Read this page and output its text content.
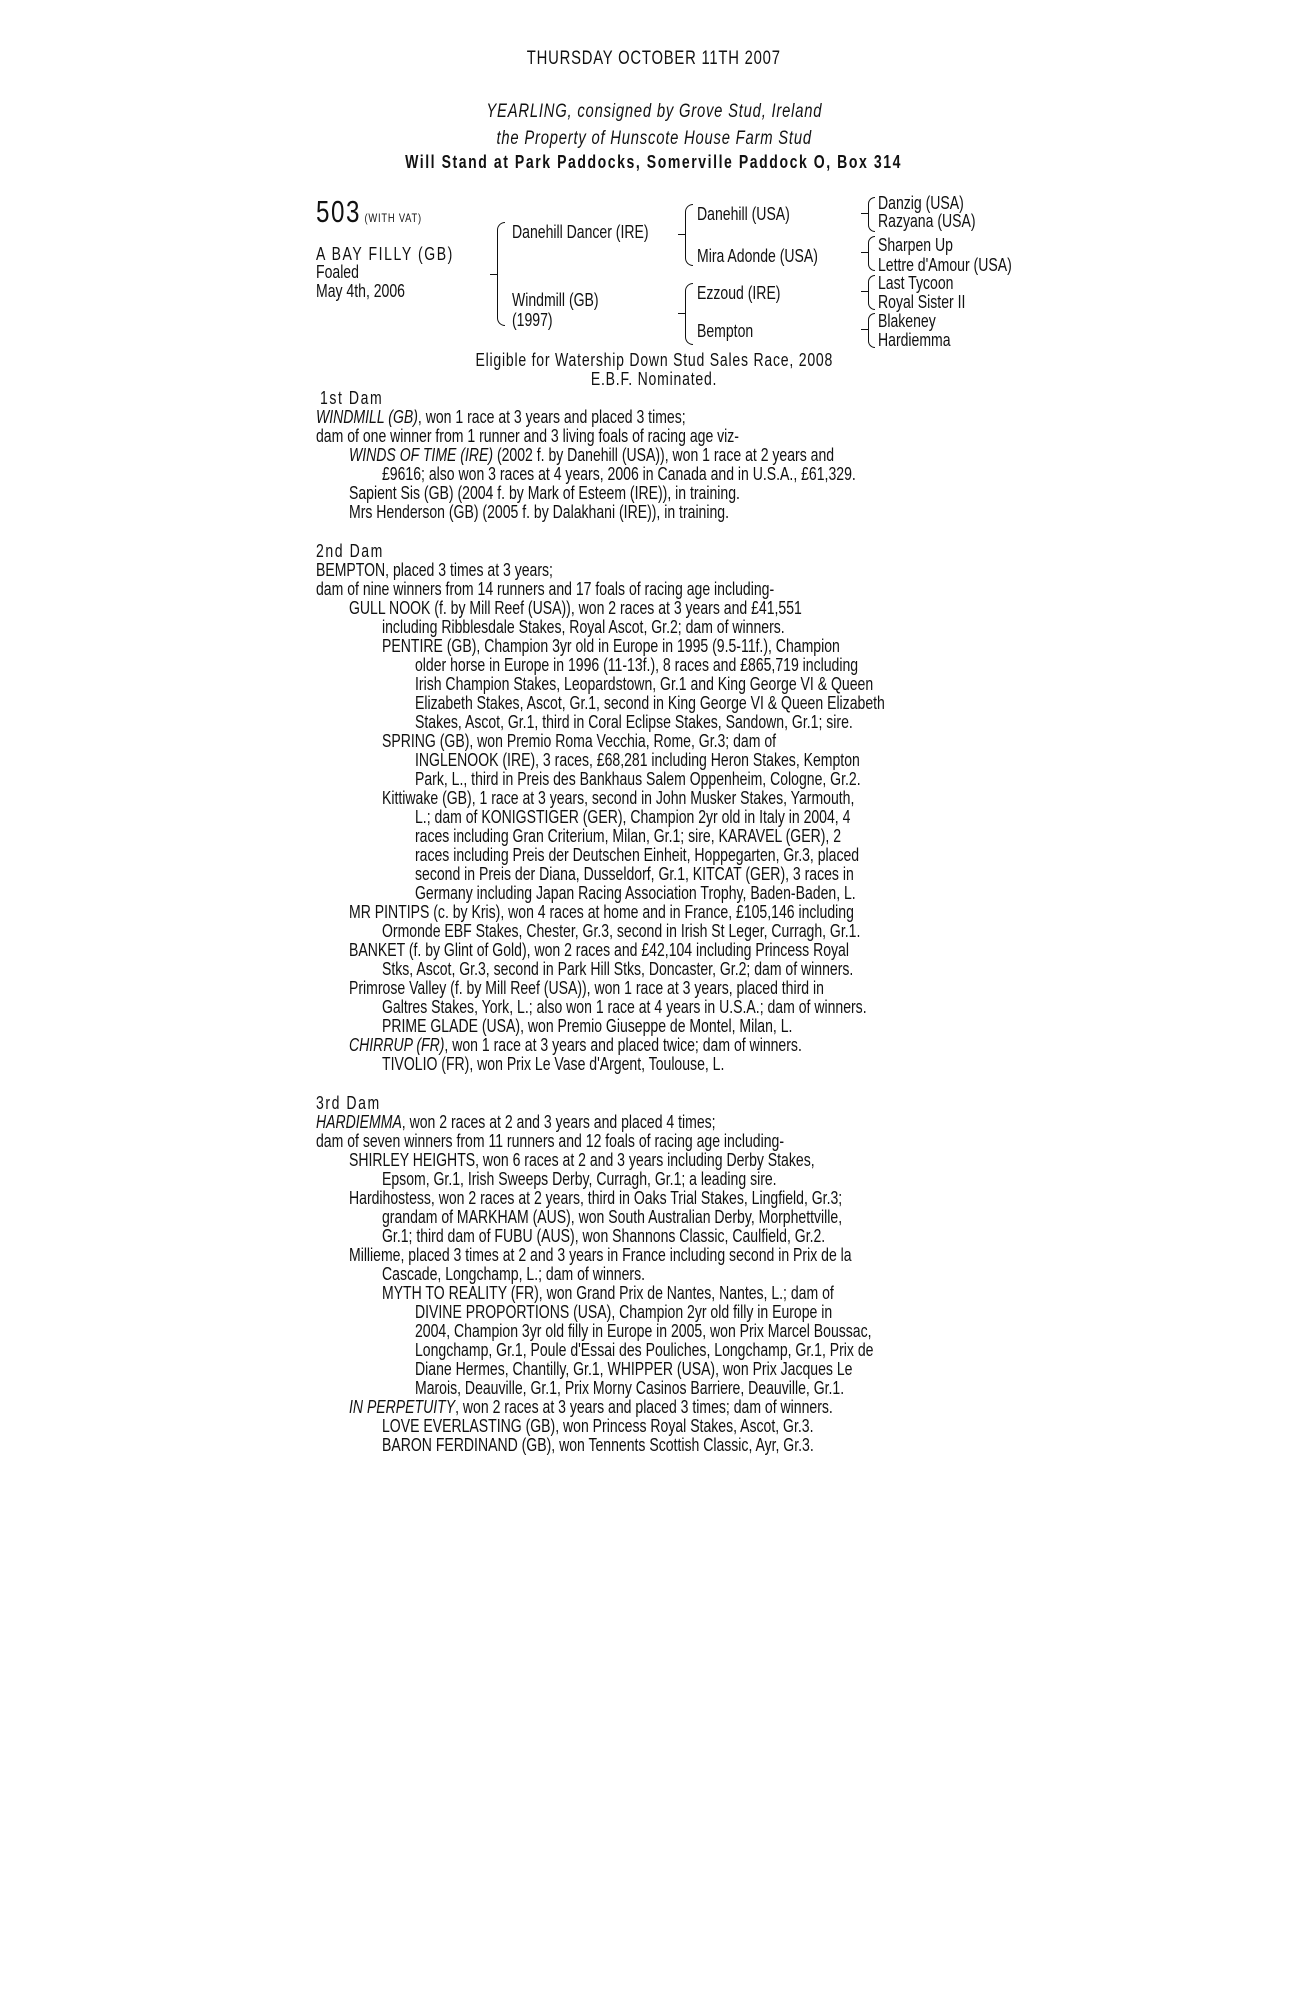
THURSDAY OCTOBER 11TH 2007
YEARLING, consigned by Grove Stud, Ireland
the Property of Hunscote House Farm Stud
Will Stand at Park Paddocks, Somerville Paddock O, Box 314
503 (WITH VAT)
A BAY FILLY (GB)
Foaled
May 4th, 2006
Danehill Dancer (IRE)
Windmill (GB)
(1997)
Danehill (USA)
Mira Adonde (USA)
Ezzoud (IRE)
Bempton
Danzig (USA)
Razyana (USA)
Sharpen Up
Lettre d'Amour (USA)
Last Tycoon
Royal Sister II
Blakeney
Hardiemma
Eligible for Watership Down Stud Sales Race, 2008
E.B.F. Nominated.
1st Dam
WINDMILL (GB), won 1 race at 3 years and placed 3 times;
dam of one winner from 1 runner and 3 living foals of racing age viz-
WINDS OF TIME (IRE) (2002 f. by Danehill (USA)), won 1 race at 2 years and
£9616; also won 3 races at 4 years, 2006 in Canada and in U.S.A., £61,329.
Sapient Sis (GB) (2004 f. by Mark of Esteem (IRE)), in training.
Mrs Henderson (GB) (2005 f. by Dalakhani (IRE)), in training.
2nd Dam
BEMPTON, placed 3 times at 3 years;
dam of nine winners from 14 runners and 17 foals of racing age including-
GULL NOOK (f. by Mill Reef (USA)), won 2 races at 3 years and £41,551
including Ribblesdale Stakes, Royal Ascot, Gr.2; dam of winners.
PENTIRE (GB), Champion 3yr old in Europe in 1995 (9.5-11f.), Champion
older horse in Europe in 1996 (11-13f.), 8 races and £865,719 including
Irish Champion Stakes, Leopardstown, Gr.1 and King George VI & Queen
Elizabeth Stakes, Ascot, Gr.1, second in King George VI & Queen Elizabeth
Stakes, Ascot, Gr.1, third in Coral Eclipse Stakes, Sandown, Gr.1; sire.
SPRING (GB), won Premio Roma Vecchia, Rome, Gr.3; dam of
INGLENOOK (IRE), 3 races, £68,281 including Heron Stakes, Kempton
Park, L., third in Preis des Bankhaus Salem Oppenheim, Cologne, Gr.2.
Kittiwake (GB), 1 race at 3 years, second in John Musker Stakes, Yarmouth,
L.; dam of KONIGSTIGER (GER), Champion 2yr old in Italy in 2004, 4
races including Gran Criterium, Milan, Gr.1; sire, KARAVEL (GER), 2
races including Preis der Deutschen Einheit, Hoppegarten, Gr.3, placed
second in Preis der Diana, Dusseldorf, Gr.1, KITCAT (GER), 3 races in
Germany including Japan Racing Association Trophy, Baden-Baden, L.
MR PINTIPS (c. by Kris), won 4 races at home and in France, £105,146 including
Ormonde EBF Stakes, Chester, Gr.3, second in Irish St Leger, Curragh, Gr.1.
BANKET (f. by Glint of Gold), won 2 races and £42,104 including Princess Royal
Stks, Ascot, Gr.3, second in Park Hill Stks, Doncaster, Gr.2; dam of winners.
Primrose Valley (f. by Mill Reef (USA)), won 1 race at 3 years, placed third in
Galtres Stakes, York, L.; also won 1 race at 4 years in U.S.A.; dam of winners.
PRIME GLADE (USA), won Premio Giuseppe de Montel, Milan, L.
CHIRRUP (FR), won 1 race at 3 years and placed twice; dam of winners.
TIVOLIO (FR), won Prix Le Vase d'Argent, Toulouse, L.
3rd Dam
HARDIEMMA, won 2 races at 2 and 3 years and placed 4 times;
dam of seven winners from 11 runners and 12 foals of racing age including-
SHIRLEY HEIGHTS, won 6 races at 2 and 3 years including Derby Stakes,
Epsom, Gr.1, Irish Sweeps Derby, Curragh, Gr.1; a leading sire.
Hardihostess, won 2 races at 2 years, third in Oaks Trial Stakes, Lingfield, Gr.3;
grandam of MARKHAM (AUS), won South Australian Derby, Morphettville,
Gr.1; third dam of FUBU (AUS), won Shannons Classic, Caulfield, Gr.2.
Millieme, placed 3 times at 2 and 3 years in France including second in Prix de la
Cascade, Longchamp, L.; dam of winners.
MYTH TO REALITY (FR), won Grand Prix de Nantes, Nantes, L.; dam of
DIVINE PROPORTIONS (USA), Champion 2yr old filly in Europe in
2004, Champion 3yr old filly in Europe in 2005, won Prix Marcel Boussac,
Longchamp, Gr.1, Poule d'Essai des Pouliches, Longchamp, Gr.1, Prix de
Diane Hermes, Chantilly, Gr.1, WHIPPER (USA), won Prix Jacques Le
Marois, Deauville, Gr.1, Prix Morny Casinos Barriere, Deauville, Gr.1.
IN PERPETUITY, won 2 races at 3 years and placed 3 times; dam of winners.
LOVE EVERLASTING (GB), won Princess Royal Stakes, Ascot, Gr.3.
BARON FERDINAND (GB), won Tennents Scottish Classic, Ayr, Gr.3.
